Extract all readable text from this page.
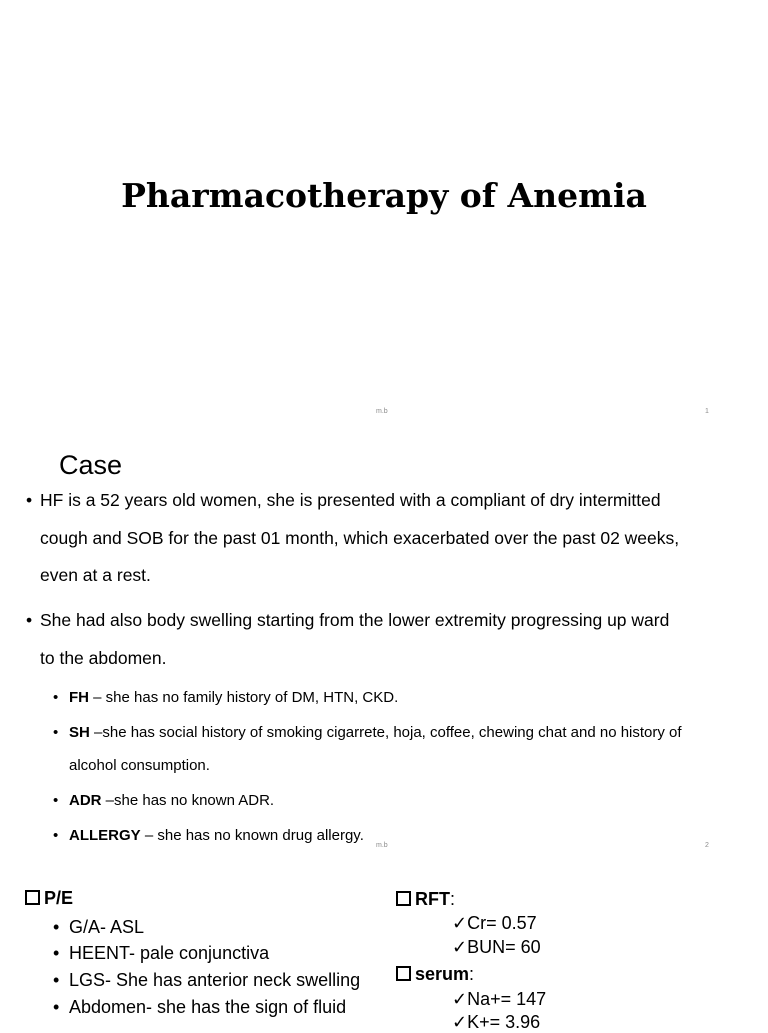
Pharmacotherapy of Anemia
m.b	1
Case
• HF is a 52 years old women, she is presented with a compliant of dry intermitted
cough and SOB for the past 01 month, which exacerbated over the past 02 weeks,
even at a rest.
• She had also body swelling starting from the lower extremity progressing up ward
to the abdomen.
• FH – she has no family history of DM, HTN, CKD.
• SH –she has social history of smoking cigarrete, hoja, coffee, chewing chat and no history of
alcohol consumption.
• ADR –she has no known ADR.
• ALLERGY – she has no known drug allergy.
m.b	2
P/E
• G/A- ASL
• HEENT- pale conjunctiva
• LGS- She has anterior neck swelling
• Abdomen- she has the sign of fluid
RFT:
✓Cr= 0.57
✓BUN= 60
serum:
✓Na+= 147
✓K+= 3.96
